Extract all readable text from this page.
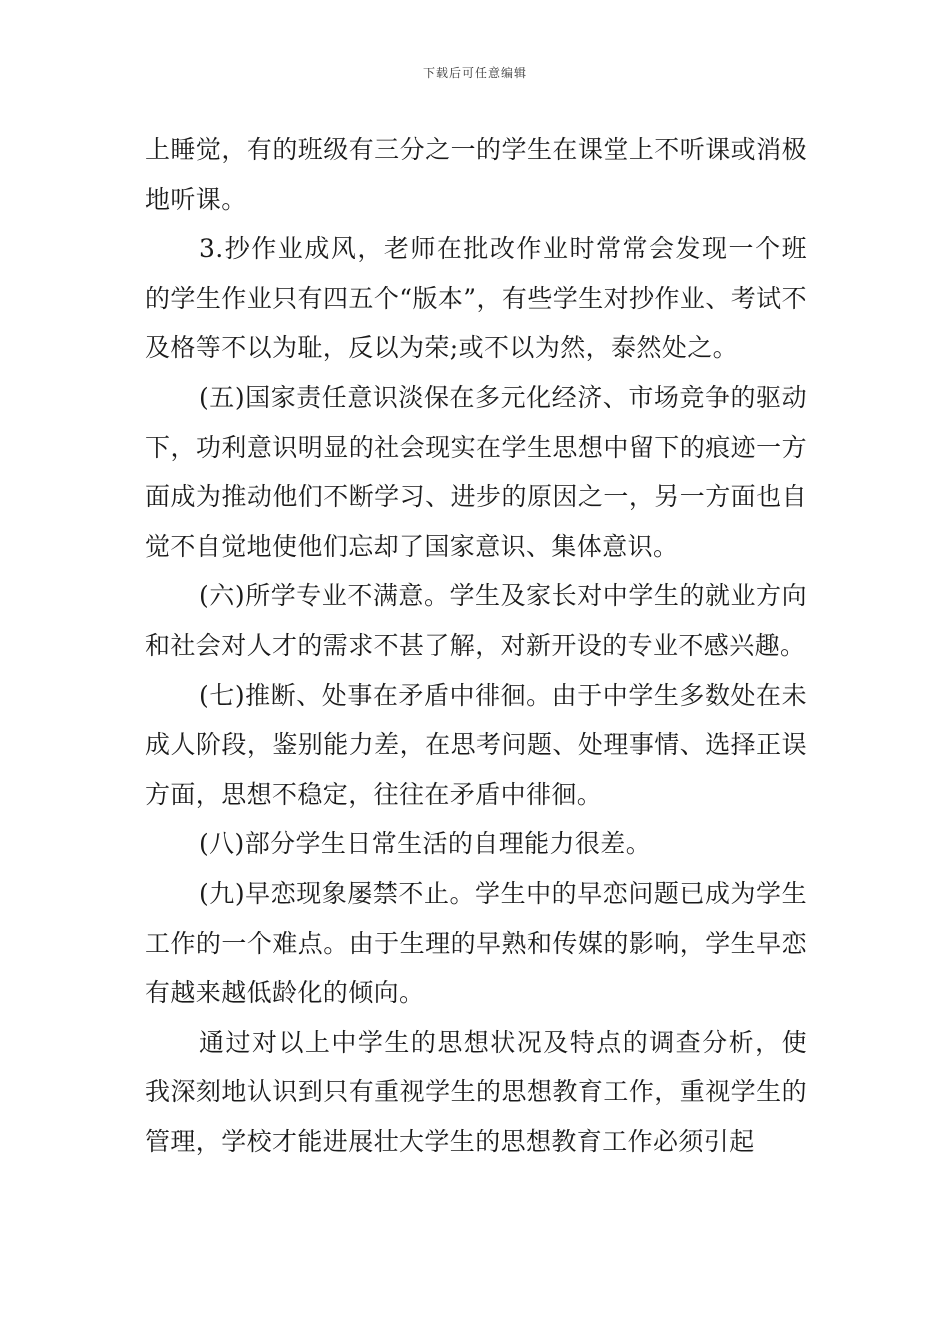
下载后可任意编辑

上睡觉，有的班级有三分之一的学生在课堂上不听课或消极地听课。

3.抄作业成风，老师在批改作业时常常会发现一个班的学生作业只有四五个“版本”，有些学生对抄作业、考试不及格等不以为耻，反以为荣;或不以为然，泰然处之。

(五)国家责任意识淡保在多元化经济、市场竞争的驱动下，功利意识明显的社会现实在学生思想中留下的痕迹一方面成为推动他们不断学习、进步的原因之一，另一方面也自觉不自觉地使他们忘却了国家意识、集体意识。

(六)所学专业不满意。学生及家长对中学生的就业方向和社会对人才的需求不甚了解，对新开设的专业不感兴趣。

(七)推断、处事在矛盾中徘徊。由于中学生多数处在未成人阶段，鉴别能力差，在思考问题、处理事情、选择正误方面，思想不稳定，往往在矛盾中徘徊。

(八)部分学生日常生活的自理能力很差。

(九)早恋现象屡禁不止。学生中的早恋问题已成为学生工作的一个难点。由于生理的早熟和传媒的影响，学生早恋有越来越低龄化的倾向。

通过对以上中学生的思想状况及特点的调查分析，使我深刻地认识到只有重视学生的思想教育工作，重视学生的管理，学校才能进展壮大学生的思想教育工作必须引起
